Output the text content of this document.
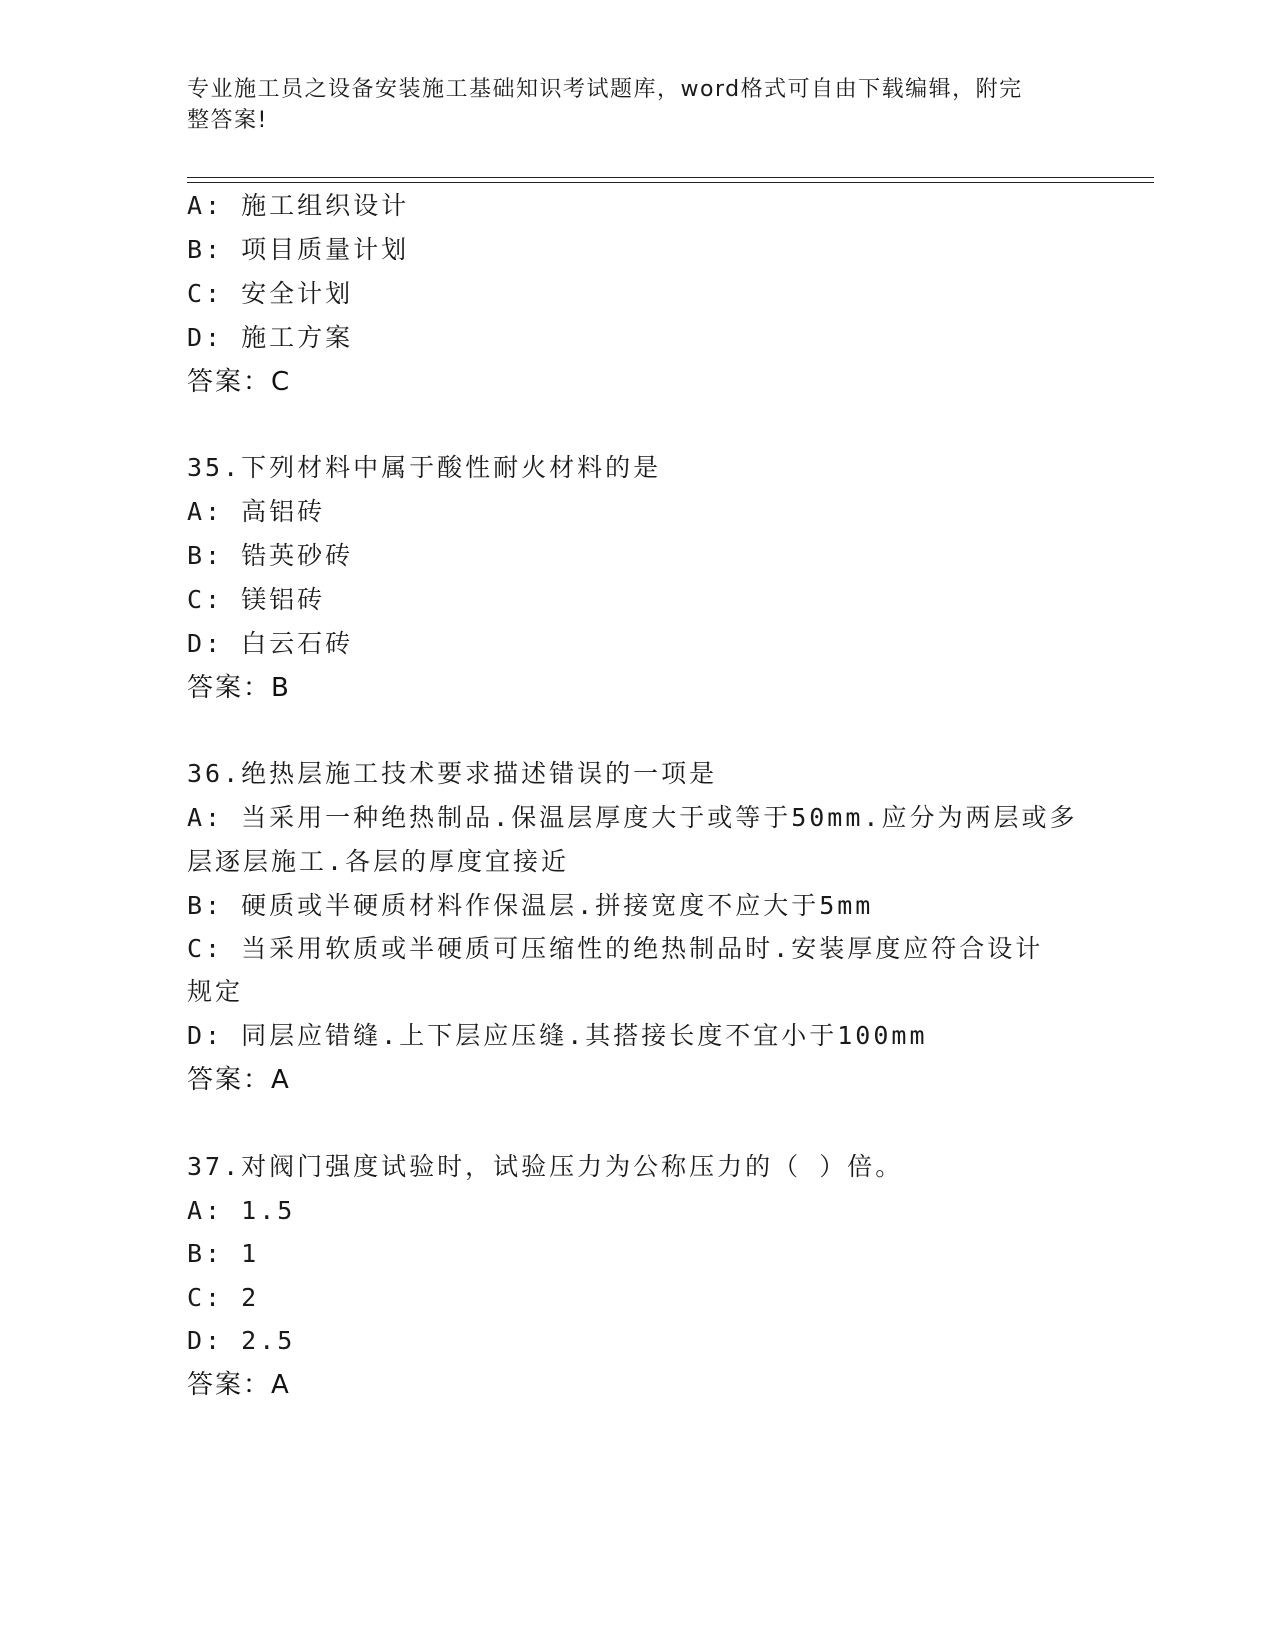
专业施工员之设备安装施工基础知识考试题库，word格式可自由下载编辑，附完
整答案!
A: 施工组织设计
B: 项目质量计划
C: 安全计划
D: 施工方案
答案：C
35.下列材料中属于酸性耐火材料的是
A: 高铝砖
B: 锆英砂砖
C: 镁铝砖
D: 白云石砖
答案：B
36.绝热层施工技术要求描述错误的一项是
A: 当采用一种绝热制品.保温层厚度大于或等于50mm.应分为两层或多
层逐层施工.各层的厚度宜接近
B: 硬质或半硬质材料作保温层.拼接宽度不应大于5mm
C: 当采用软质或半硬质可压缩性的绝热制品时.安装厚度应符合设计
规定
D: 同层应错缝.上下层应压缝.其搭接长度不宜小于100mm
答案：A
37.对阀门强度试验时，试验压力为公称压力的（ ）倍。
A: 1.5
B: 1
C: 2
D: 2.5
答案：A
